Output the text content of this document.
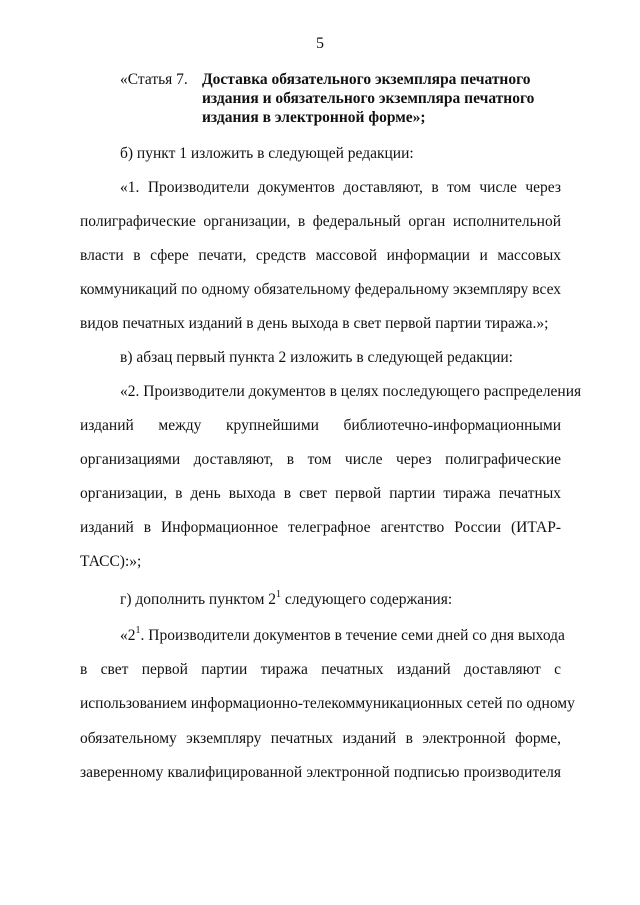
5
«Статья 7. Доставка обязательного экземпляра печатного
издания и обязательного экземпляра печатного
издания в электронной форме»;
б) пункт 1 изложить в следующей редакции:
«1. Производители документов доставляют, в том числе через
полиграфические организации, в федеральный орган исполнительной
власти в сфере печати, средств массовой информации и массовых
коммуникаций по одному обязательному федеральному экземпляру всех
видов печатных изданий в день выхода в свет первой партии тиража.»;
в) абзац первый пункта 2 изложить в следующей редакции:
«2. Производители документов в целях последующего распределения
изданий между крупнейшими библиотечно-информационными
организациями доставляют, в том числе через полиграфические
организации, в день выхода в свет первой партии тиража печатных
изданий в Информационное телеграфное агентство России (ИТАР-
ТАСС):»;
г) дополнить пунктом $2^1$ следующего содержания:
«$2^1$. Производители документов в течение семи дней со дня выхода
в свет первой партии тиража печатных изданий доставляют с
использованием информационно-телекоммуникационных сетей по одному
обязательному экземпляру печатных изданий в электронной форме,
заверенному квалифицированной электронной подписью производителя
